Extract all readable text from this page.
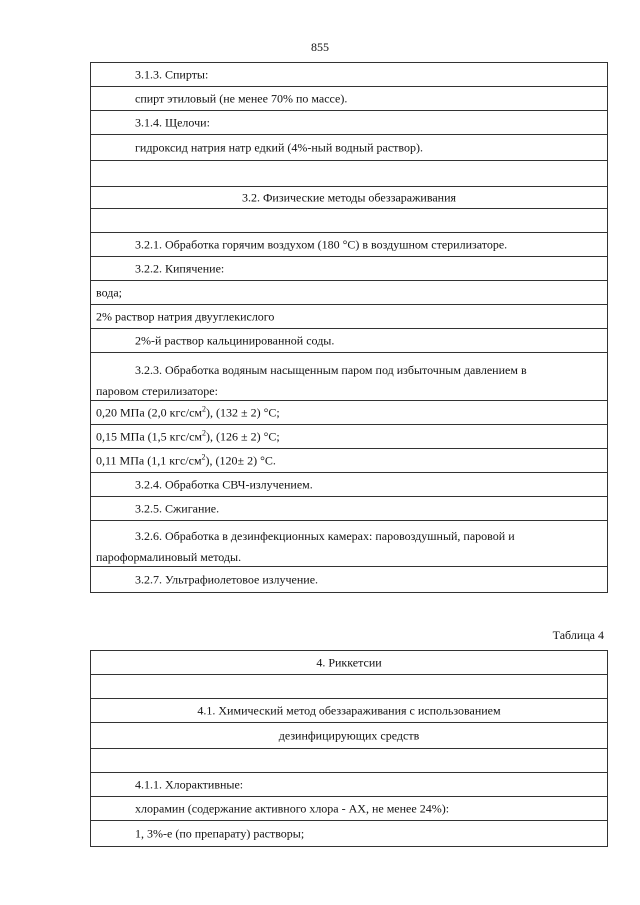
855
3.1.3. Спирты:
спирт этиловый (не менее 70% по массе).
3.1.4. Щелочи:
гидроксид натрия натр едкий (4%-ный водный раствор).
3.2. Физические методы обеззараживания
3.2.1. Обработка горячим воздухом (180 °C) в воздушном стерилизаторе.
3.2.2. Кипячение:
вода;
2% раствор натрия двууглекислого
2%-й раствор кальцинированной соды.
3.2.3. Обработка водяным насыщенным паром под избыточным давлением в
паровом стерилизаторе:
0,20 МПа (2,0 кгс/$см^2$), (132 ± 2) °C;
0,15 МПа (1,5 кгс/$см^2$), (126 ± 2) °C;
0,11 МПа (1,1 кгс/$см^2$), (120± 2) °C.
3.2.4. Обработка СВЧ-излучением.
3.2.5. Сжигание.
3.2.6. Обработка в дезинфекционных камерах: паровоздушный, паровой и
пароформалиновый методы.
3.2.7. Ультрафиолетовое излучение.
Таблица 4
4. Риккетсии
4.1. Химический метод обеззараживания с использованием
дезинфицирующих средств
4.1.1. Хлорактивные:
хлорамин (содержание активного хлора - АХ, не менее 24%):
1, 3%-е (по препарату) растворы;
